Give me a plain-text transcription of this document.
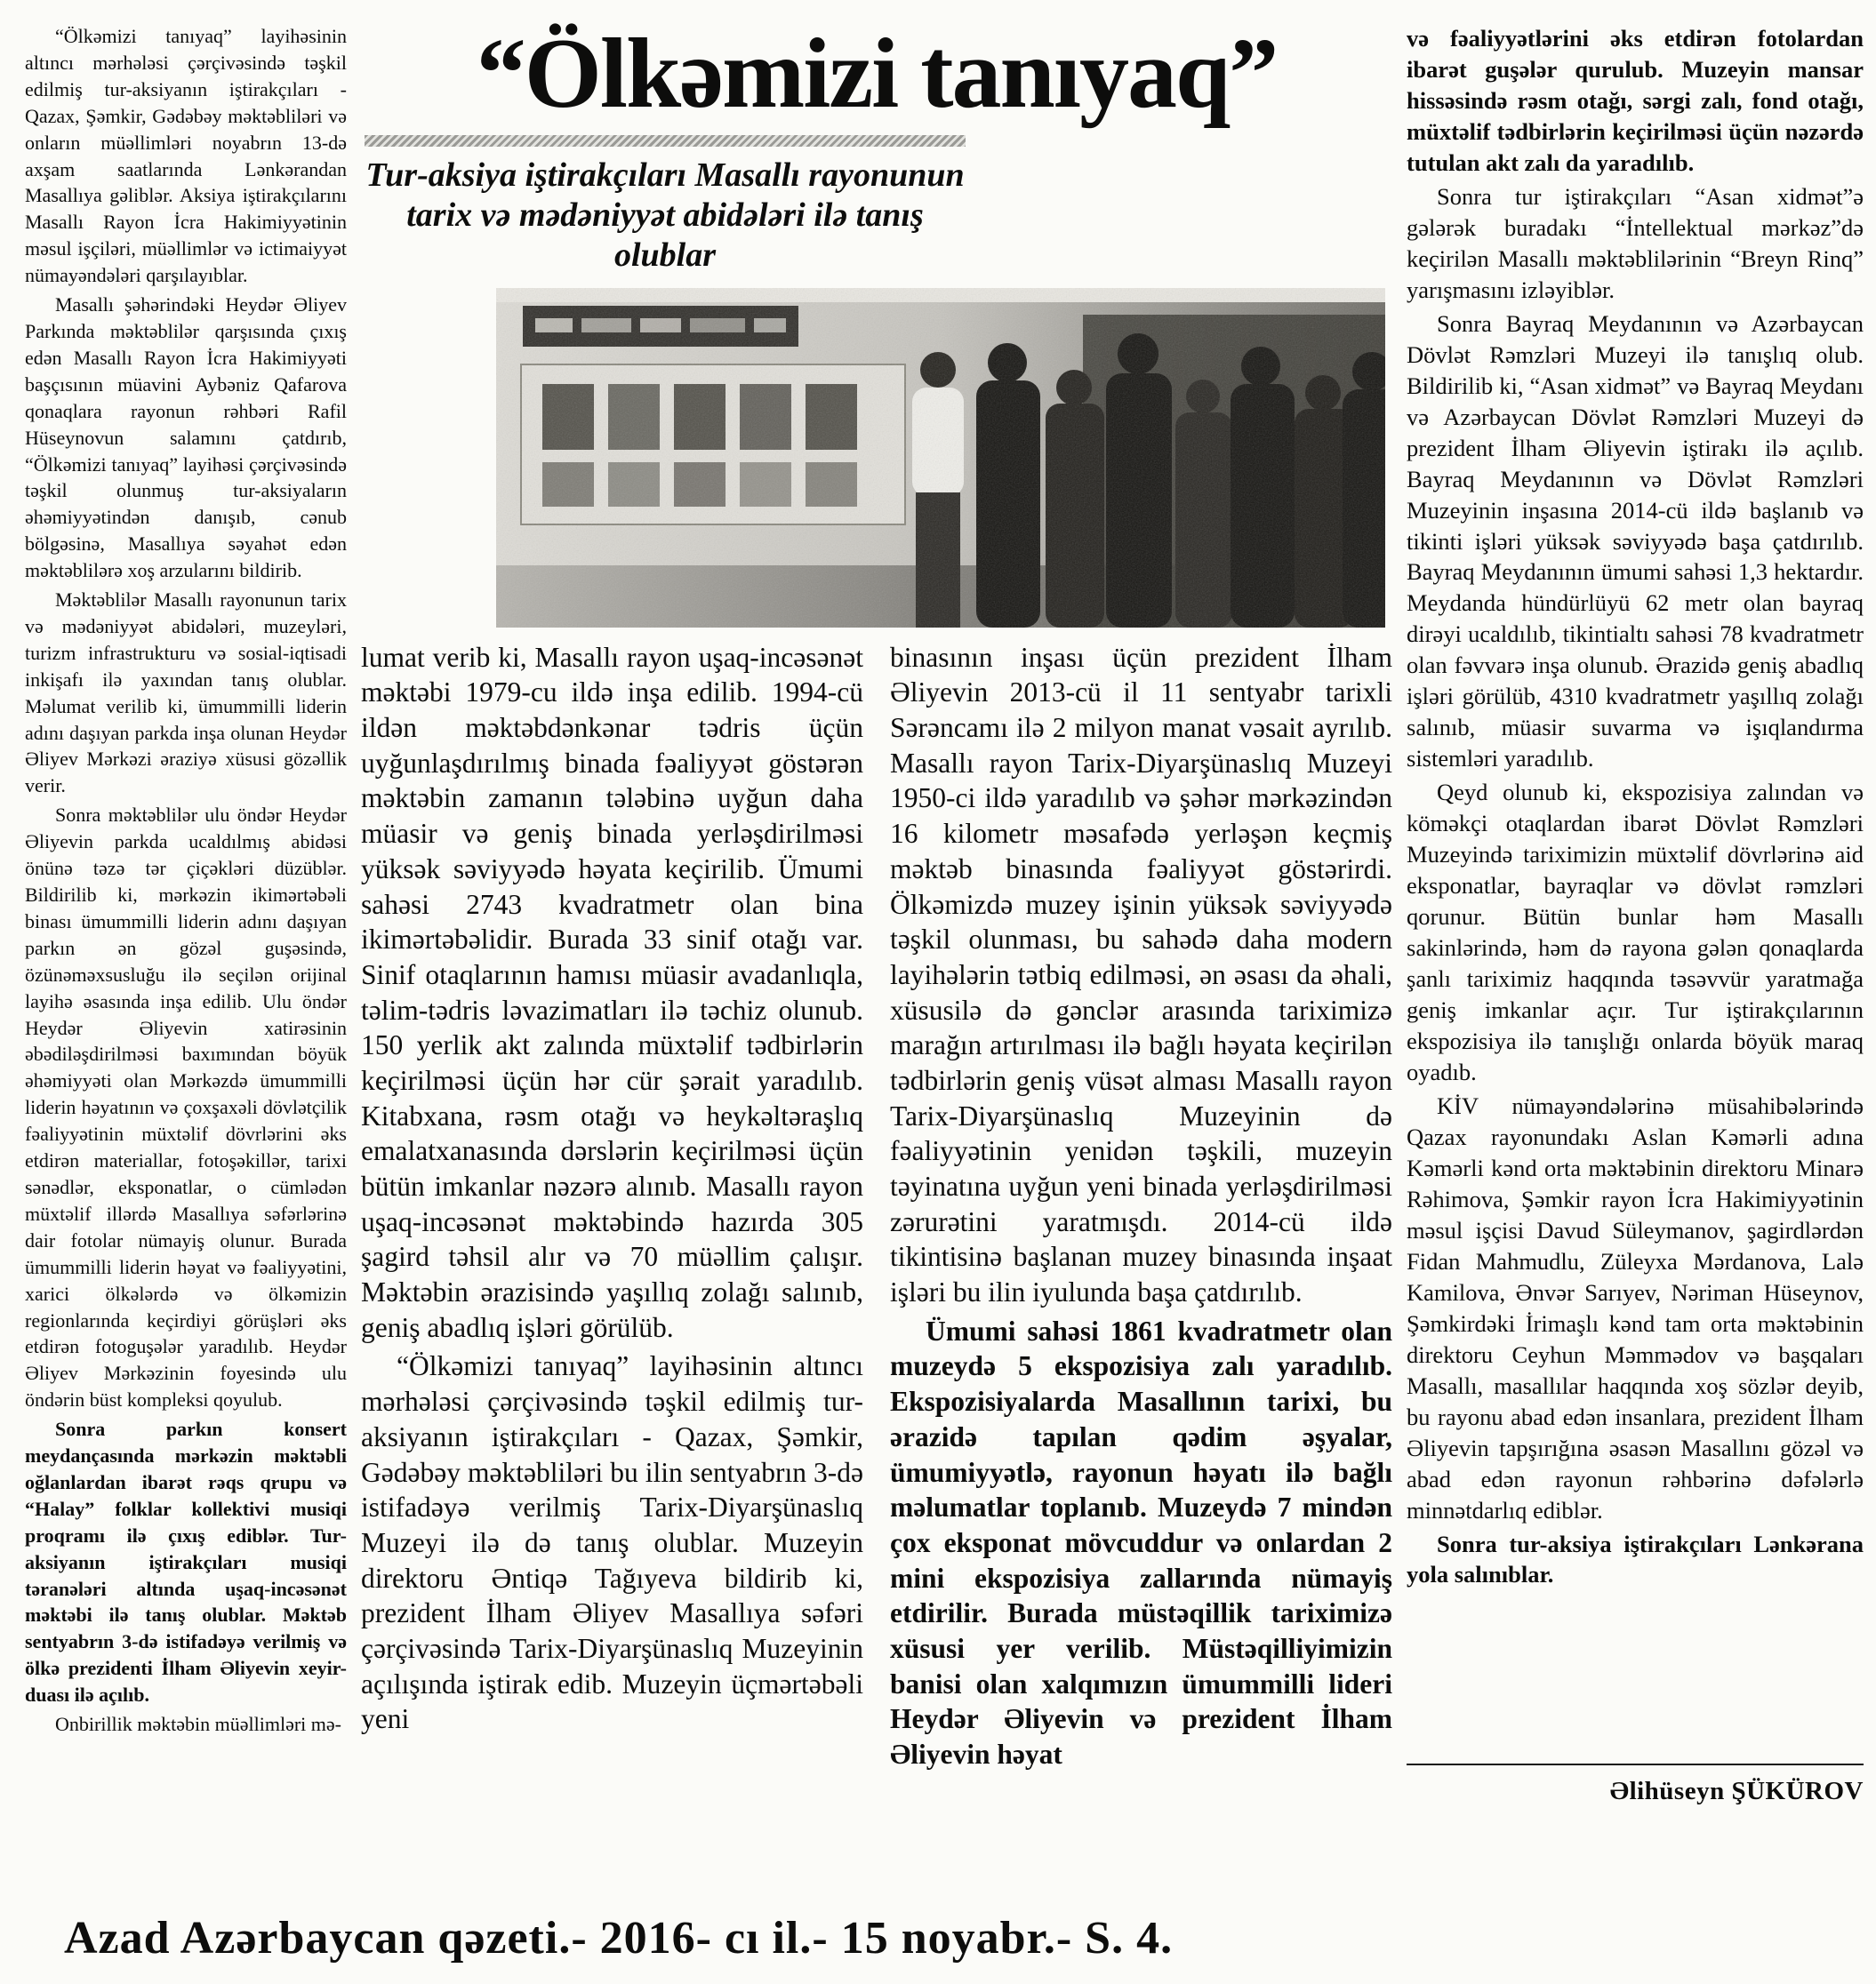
“Ölkəmizi tanıyaq” layihəsinin altıncı mərhələsi çərçivəsində təşkil edilmiş tur-aksiyanın iştirakçıları - Qazax, Şəmkir, Gədəbəy məktəbliləri və onların müəllimləri noyabrın 13-də axşam saatlarında Lənkərandan Masallıya gəliblər. Aksiya iştirakçılarını Masallı Rayon İcra Hakimiyyətinin məsul işçiləri, müəllimlər və ictimaiyyət nümayəndələri qarşılayıblar.

Masallı şəhərindəki Heydər Əliyev Parkında məktəblilər qarşısında çıxış edən Masallı Rayon İcra Hakimiyyəti başçısının müavini Aybəniz Qafarova qonaqlara rayonun rəhbəri Rafil Hüseynovun salamını çatdırıb, “Ölkəmizi tanıyaq” layihəsi çərçivəsində təşkil olunmuş tur-aksiyaların əhəmiyyətindən danışıb, cənub bölgəsinə, Masallıya səyahət edən məktəblilərə xoş arzularını bildirib.

Məktəblilər Masallı rayonunun tarix və mədəniyyət abidələri, muzeyləri, turizm infrastrukturu və sosial-iqtisadi inkişafı ilə yaxından tanış olublar. Məlumat verilib ki, ümummilli liderin adını daşıyan parkda inşa olunan Heydər Əliyev Mərkəzi əraziyə xüsusi gözəllik verir.

Sonra məktəblilər ulu öndər Heydər Əliyevin parkda ucaldılmış abidəsi önünə təzə tər çiçəkləri düzüblər. Bildirilib ki, mərkəzin ikimərtəbəli binası ümummilli liderin adını daşıyan parkın ən gözəl guşəsində, özünəməxsusluğu ilə seçilən orijinal layihə əsasında inşa edilib. Ulu öndər Heydər Əliyevin xatirəsinin əbədiləşdirilməsi baxımından böyük əhəmiyyəti olan Mərkəzdə ümummilli liderin həyatının və çoxşaxəli dövlətçilik fəaliyyətinin müxtəlif dövrlərini əks etdirən materiallar, fotoşəkillər, tarixi sənədlər, eksponatlar, o cümlədən müxtəlif illərdə Masallıya səfərlərinə dair fotolar nümayiş olunur. Burada ümummilli liderin həyat və fəaliyyətini, xarici ölkələrdə və ölkəmizin regionlarında keçirdiyi görüşləri əks etdirən fotoguşələr yaradılıb. Heydər Əliyev Mərkəzinin foyesində ulu öndərin büst kompleksi qoyulub.

Sonra parkın konsert meydançasında mərkəzin məktəbli oğlanlardan ibarət rəqs qrupu və “Halay” folklar kollektivi musiqi proqramı ilə çıxış ediblər. Tur-aksiyanın iştirakçıları musiqi təranələri altında uşaq-incəsənət məktəbi ilə tanış olublar. Məktəb sentyabrın 3-də istifadəyə verilmiş və ölkə prezidenti İlham Əliyevin xeyir-duası ilə açılıb.

Onbirillik məktəbin müəllimləri mə-

“Ölkəmizi tanıyaq”
Tur-aksiya iştirakçıları Masallı rayonunun
tarix və mədəniyyət abidələri ilə tanış olublar

lumat verib ki, Masallı rayon uşaq-incəsənət məktəbi 1979-cu ildə inşa edilib. 1994-cü ildən məktəbdənkənar tədris üçün uyğunlaşdırılmış binada fəaliyyət göstərən məktəbin zamanın tələbinə uyğun daha müasir və geniş binada yerləşdirilməsi yüksək səviyyədə həyata keçirilib. Ümumi sahəsi 2743 kvadratmetr olan bina ikimərtəbəlidir. Burada 33 sinif otağı var. Sinif otaqlarının hamısı müasir avadanlıqla, təlim-tədris ləvazimatları ilə təchiz olunub. 150 yerlik akt zalında müxtəlif tədbirlərin keçirilməsi üçün hər cür şərait yaradılıb. Kitabxana, rəsm otağı və heykəltəraşlıq emalatxanasında dərslərin keçirilməsi üçün bütün imkanlar nəzərə alınıb. Masallı rayon uşaq-incəsənət məktəbində hazırda 305 şagird təhsil alır və 70 müəllim çalışır. Məktəbin ərazisində yaşıllıq zolağı salınıb, geniş abadlıq işləri görülüb.

“Ölkəmizi tanıyaq” layihəsinin altıncı mərhələsi çərçivəsində təşkil edilmiş tur-aksiyanın iştirakçıları - Qazax, Şəmkir, Gədəbəy məktəbliləri bu ilin sentyabrın 3-də istifadəyə verilmiş Tarix-Diyarşünaslıq Muzeyi ilə də tanış olublar. Muzeyin direktoru Əntiqə Tağıyeva bildirib ki, prezident İlham Əliyev Masallıya səfəri çərçivəsində Tarix-Diyarşünaslıq Muzeyinin açılışında iştirak edib. Muzeyin üçmərtəbəli yeni

binasının inşası üçün prezident İlham Əliyevin 2013-cü il 11 sentyabr tarixli Sərəncamı ilə 2 milyon manat vəsait ayrılıb. Masallı rayon Tarix-Diyarşünaslıq Muzeyi 1950-ci ildə yaradılıb və şəhər mərkəzindən 16 kilometr məsafədə yerləşən keçmiş məktəb binasında fəaliyyət göstərirdi. Ölkəmizdə muzey işinin yüksək səviyyədə təşkil olunması, bu sahədə daha modern layihələrin tətbiq edilməsi, ən əsası da əhali, xüsusilə də gənclər arasında tariximizə marağın artırılması ilə bağlı həyata keçirilən tədbirlərin geniş vüsət alması Masallı rayon Tarix-Diyarşünaslıq Muzeyinin də fəaliyyətinin yenidən təşkili, muzeyin təyinatına uyğun yeni binada yerləşdirilməsi zərurətini yaratmışdı. 2014-cü ildə tikintisinə başlanan muzey binasında inşaat işləri bu ilin iyulunda başa çatdırılıb.

Ümumi sahəsi 1861 kvadratmetr olan muzeydə 5 ekspozisiya zalı yaradılıb. Ekspozisiyalarda Masallının tarixi, bu ərazidə tapılan qədim əşyalar, ümumiyyətlə, rayonun həyatı ilə bağlı məlumatlar toplanıb. Muzeydə 7 mindən çox eksponat mövcuddur və onlardan 2 mini ekspozisiya zallarında nümayiş etdirilir. Burada müstəqillik tariximizə xüsusi yer verilib. Müstəqilliyimizin banisi olan xalqımızın ümummilli lideri Heydər Əliyevin və prezident İlham Əliyevin həyat

və fəaliyyətlərini əks etdirən fotolardan ibarət guşələr qurulub. Muzeyin mansar hissəsində rəsm otağı, sərgi zalı, fond otağı, müxtəlif tədbirlərin keçirilməsi üçün nəzərdə tutulan akt zalı da yaradılıb.

Sonra tur iştirakçıları “Asan xidmət”ə gələrək buradakı “İntellektual mərkəz”də keçirilən Masallı məktəblilərinin “Breyn Rinq” yarışmasını izləyiblər.

Sonra Bayraq Meydanının və Azərbaycan Dövlət Rəmzləri Muzeyi ilə tanışlıq olub. Bildirilib ki, “Asan xidmət” və Bayraq Meydanı və Azərbaycan Dövlət Rəmzləri Muzeyi də prezident İlham Əliyevin iştirakı ilə açılıb. Bayraq Meydanının və Dövlət Rəmzləri Muzeyinin inşasına 2014-cü ildə başlanıb və tikinti işləri yüksək səviyyədə başa çatdırılıb. Bayraq Meydanının ümumi sahəsi 1,3 hektardır. Meydanda hündürlüyü 62 metr olan bayraq dirəyi ucaldılıb, tikintialtı sahəsi 78 kvadratmetr olan fəvvarə inşa olunub. Ərazidə geniş abadlıq işləri görülüb, 4310 kvadratmetr yaşıllıq zolağı salınıb, müasir suvarma və işıqlandırma sistemləri yaradılıb.

Qeyd olunub ki, ekspozisiya zalından və köməkçi otaqlardan ibarət Dövlət Rəmzləri Muzeyində tariximizin müxtəlif dövrlərinə aid eksponatlar, bayraqlar və dövlət rəmzləri qorunur. Bütün bunlar həm Masallı sakinlərində, həm də rayona gələn qonaqlarda şanlı tariximiz haqqında təsəvvür yaratmağa geniş imkanlar açır. Tur iştirakçılarının ekspozisiya ilə tanışlığı onlarda böyük maraq oyadıb.

KİV nümayəndələrinə müsahibələrində Qazax rayonundakı Aslan Kəmərli adına Kəmərli kənd orta məktəbinin direktoru Minarə Rəhimova, Şəmkir rayon İcra Hakimiyyətinin məsul işçisi Davud Süleymanov, şagirdlərdən Fidan Mahmudlu, Züleyxa Mərdanova, Lalə Kamilova, Ənvər Sarıyev, Nəriman Hüseynov, Şəmkirdəki İrimaşlı kənd tam orta məktəbinin direktoru Ceyhun Məmmədov və başqaları Masallı, masallılar haqqında xoş sözlər deyib, bu rayonu abad edən insanlara, prezident İlham Əliyevin tapşırığına əsasən Masallını gözəl və abad edən rayonun rəhbərinə dəfələrlə minnətdarlıq ediblər.

Sonra tur-aksiya iştirakçıları Lənkərana yola salınıblar.

Əlihüseyn ŞÜKÜROV
Azad Azərbaycan qəzeti.- 2016- cı il.- 15 noyabr.- S. 4.
